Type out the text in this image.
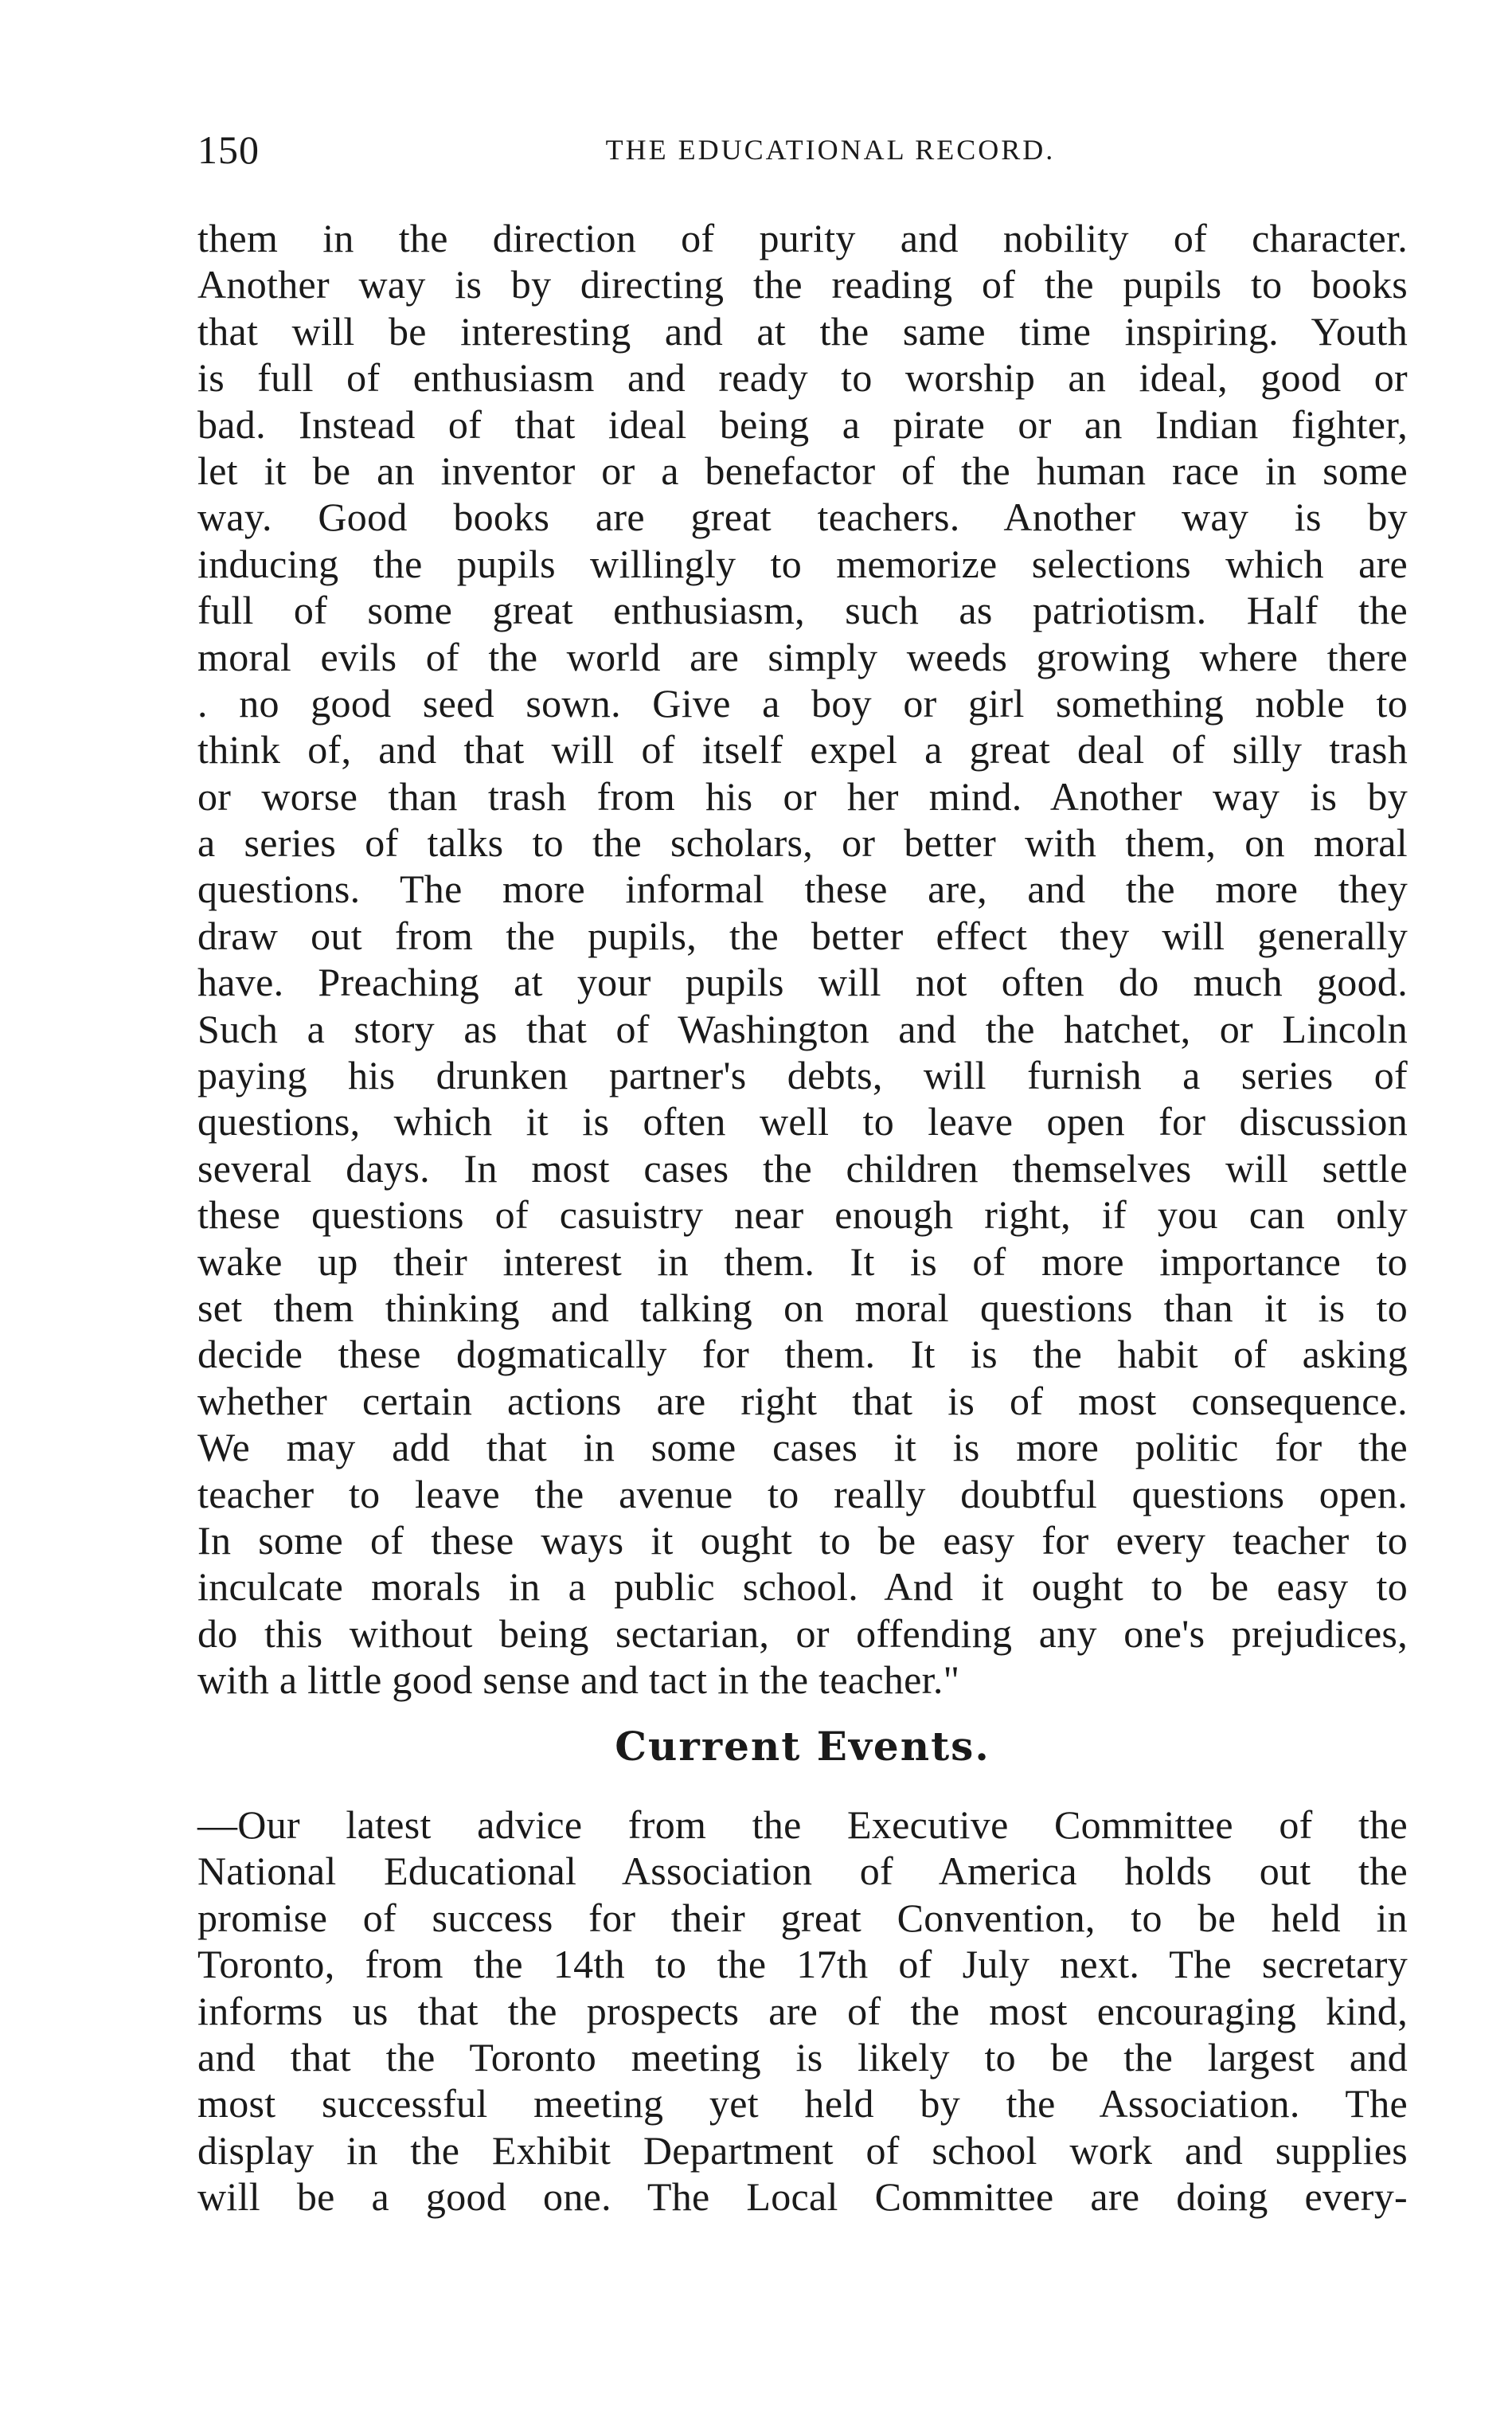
150	THE EDUCATIONAL RECORD.
them in the direction of purity and nobility of character.
Another way is by directing the reading of the pupils to books
that will be interesting and at the same time inspiring. Youth
is full of enthusiasm and ready to worship an ideal, good or
bad. Instead of that ideal being a pirate or an Indian fighter,
let it be an inventor or a benefactor of the human race in some
way. Good books are great teachers. Another way is by
inducing the pupils willingly to memorize selections which are
full of some great enthusiasm, such as patriotism. Half the
moral evils of the world are simply weeds growing where there
. no good seed sown. Give a boy or girl something noble to
think of, and that will of itself expel a great deal of silly trash
or worse than trash from his or her mind. Another way is by
a series of talks to the scholars, or better with them, on moral
questions. The more informal these are, and the more they
draw out from the pupils, the better effect they will generally
have. Preaching at your pupils will not often do much good.
Such a story as that of Washington and the hatchet, or Lincoln
paying his drunken partner's debts, will furnish a series of
questions, which it is often well to leave open for discussion
several days. In most cases the children themselves will settle
these questions of casuistry near enough right, if you can only
wake up their interest in them. It is of more importance to
set them thinking and talking on moral questions than it is to
decide these dogmatically for them. It is the habit of asking
whether certain actions are right that is of most consequence.
We may add that in some cases it is more politic for the
teacher to leave the avenue to really doubtful questions open.
In some of these ways it ought to be easy for every teacher to
inculcate morals in a public school. And it ought to be easy to
do this without being sectarian, or offending any one's prejudices,
with a little good sense and tact in the teacher."
Current Events.
—Our latest advice from the Executive Committee of the
National Educational Association of America holds out the
promise of success for their great Convention, to be held in
Toronto, from the 14th to the 17th of July next. The secretary
informs us that the prospects are of the most encouraging kind,
and that the Toronto meeting is likely to be the largest and
most successful meeting yet held by the Association. The
display in the Exhibit Department of school work and supplies
will be a good one. The Local Committee are doing every-
